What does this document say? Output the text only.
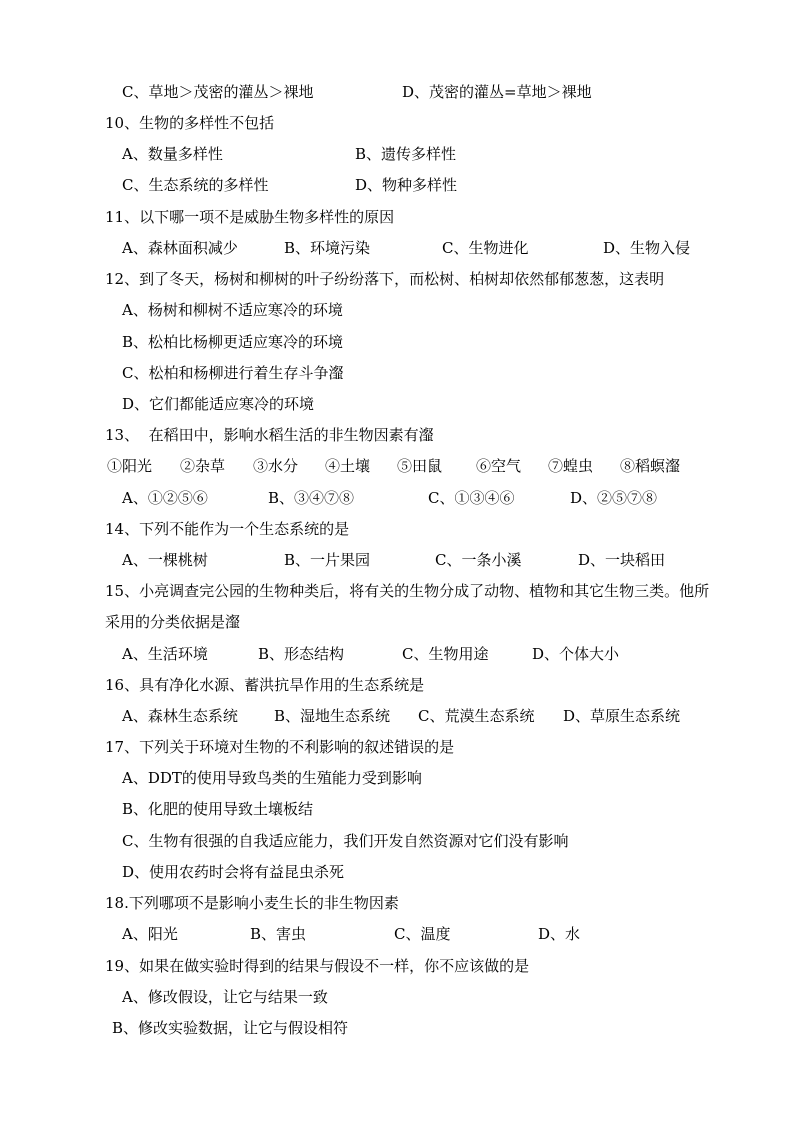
C、草地＞茂密的灌丛＞裸地	D、茂密的灌丛=草地＞裸地
10、生物的多样性不包括
A、数量多样性	B、遗传多样性
C、生态系统的多样性	D、物种多样性
11、以下哪一项不是威胁生物多样性的原因
A、森林面积减少	B、环境污染	C、生物进化	D、生物入侵
12、到了冬天，杨树和柳树的叶子纷纷落下，而松树、柏树却依然郁郁葱葱，这表明
A、杨树和柳树不适应寒冷的环境
B、松柏比杨柳更适应寒冷的环境
C、松柏和杨柳进行着生存斗争瀣
D、它们都能适应寒冷的环境
13、  在稻田中，影响水稻生活的非生物因素有瀣
①阳光 ②杂草 ③水分 ④土壤 ⑤田鼠 ⑥空气 ⑦蝗虫 ⑧稻螟瀣
A、①②⑤⑥	B、③④⑦⑧	C、①③④⑥	D、②⑤⑦⑧
14、下列不能作为一个生态系统的是
A、一棵桃树	B、一片果园	C、一条小溪	D、一块稻田
15、小亮调查完公园的生物种类后，将有关的生物分成了动物、植物和其它生物三类。他所
采用的分类依据是瀣
A、生活环境	B、形态结构	C、生物用途	D、个体大小
16、具有净化水源、蓄洪抗旱作用的生态系统是
A、森林生态系统 B、湿地生态系统 C、荒漠生态系统 D、草原生态系统
17、下列关于环境对生物的不利影响的叙述错误的是
A、DDT的使用导致鸟类的生殖能力受到影响
B、化肥的使用导致土壤板结
C、生物有很强的自我适应能力，我们开发自然资源对它们没有影响
D、使用农药时会将有益昆虫杀死
18.下列哪项不是影响小麦生长的非生物因素
A、阳光	B、害虫	C、温度	D、水
19、如果在做实验时得到的结果与假设不一样，你不应该做的是
A、修改假设，让它与结果一致
B、修改实验数据，让它与假设相符
